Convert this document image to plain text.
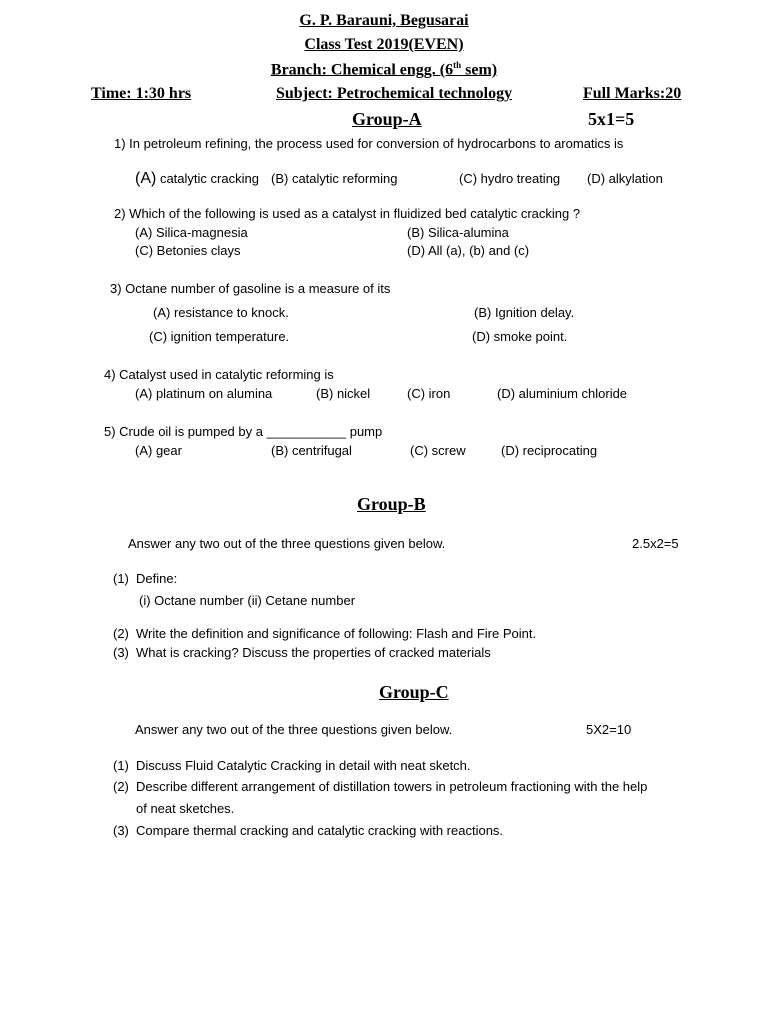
G. P. Barauni, Begusarai
Class Test 2019(EVEN)
Branch: Chemical engg. (6th sem)
Time: 1:30 hrs	Subject: Petrochemical technology	Full Marks:20
Group-A	5x1=5
1) In petroleum refining, the process used for conversion of hydrocarbons to aromatics is
(A) catalytic cracking (B) catalytic reforming	(C) hydro treating (D) alkylation
2) Which of the following is used as a catalyst in fluidized bed catalytic cracking ?
(A) Silica-magnesia	(B) Silica-alumina
(C) Betonies clays	(D) All (a), (b) and (c)
3) Octane number of gasoline is a measure of its
(A) resistance to knock.	(B) Ignition delay.
(C) ignition temperature.	(D) smoke point.
4) Catalyst used in catalytic reforming is
(A) platinum on alumina	(B) nickel	(C) iron	(D) aluminium chloride
5) Crude oil is pumped by a ___________ pump
(A) gear	(B) centrifugal	(C) screw	(D) reciprocating
Group-B
Answer any two out of the three questions given below.	2.5x2=5
(1) Define:
(i) Octane number (ii) Cetane number
(2) Write the definition and significance of following: Flash and Fire Point.
(3) What is cracking? Discuss the properties of cracked materials
Group-C
Answer any two out of the three questions given below.	5X2=10
(1) Discuss Fluid Catalytic Cracking in detail with neat sketch.
(2) Describe different arrangement of distillation towers in petroleum fractioning with the help
of neat sketches.
(3) Compare thermal cracking and catalytic cracking with reactions.
